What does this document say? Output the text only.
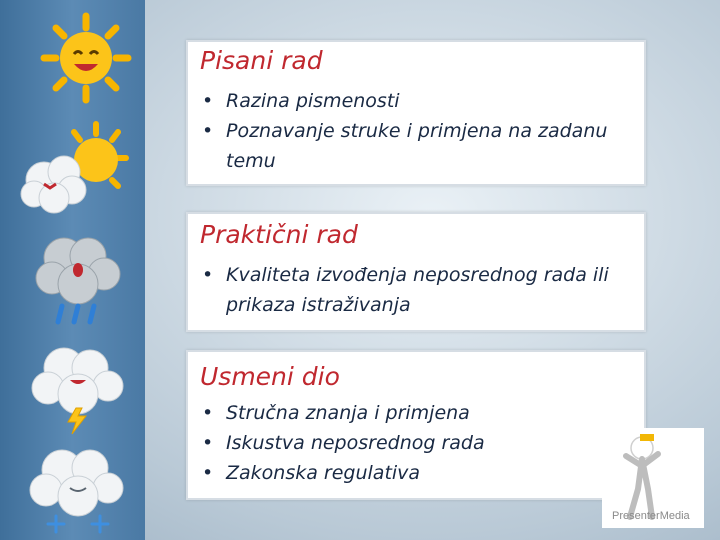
Pisani rad
• Razina pismenosti
• Poznavanje struke i primjena na zadanu temu
Praktični rad
• Kvaliteta izvođenja neposrednog rada ili prikaza istraživanja
Usmeni dio
• Stručna znanja i primjena
• Iskustva neposrednog rada
• Zakonska regulativa
PresenterMedia
